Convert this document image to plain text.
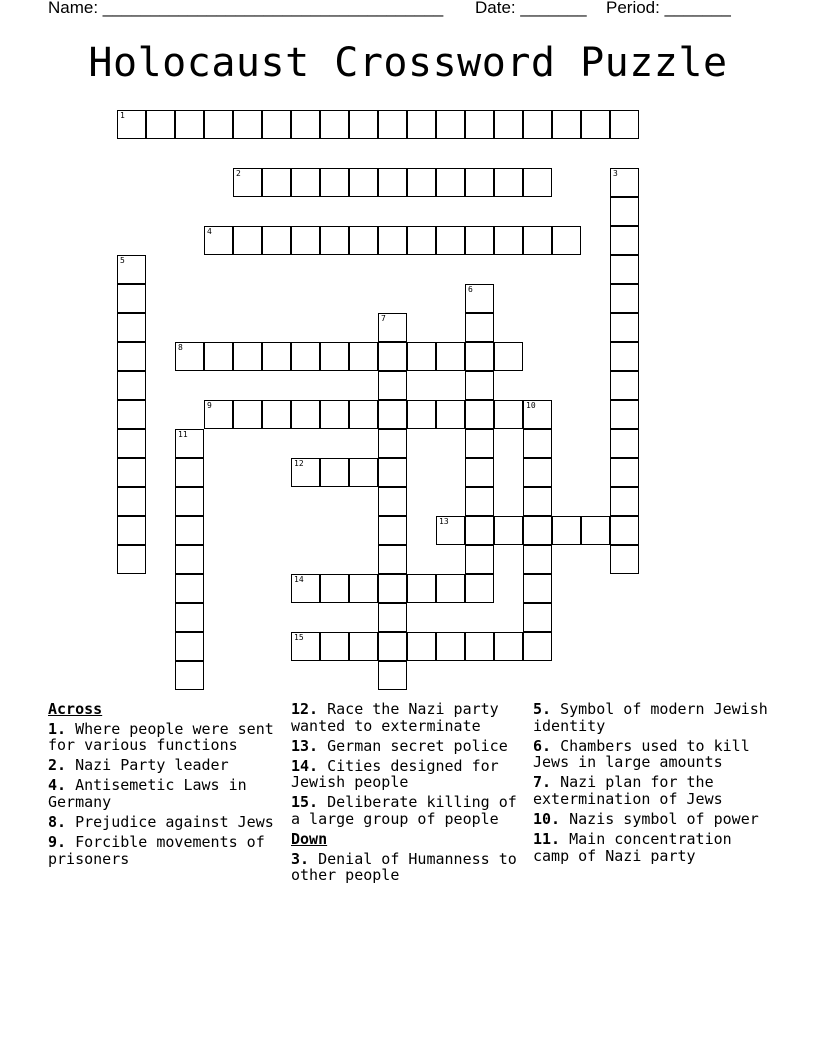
Name: ____________________________________

Date: _______

Period: _______

Holocaust Crossword Puzzle
1
2	3
4
5
6
7
8
9	10
11
12
13
14
15
Across
1. Where people were sent for various functions
2. Nazi Party leader
4. Antisemetic Laws in Germany
8. Prejudice against Jews
9. Forcible movements of prisoners
12. Race the Nazi party wanted to exterminate
13. German secret police
14. Cities designed for Jewish people
15. Deliberate killing of a large group of people
Down
3. Denial of Humanness to other people
5. Symbol of modern Jewish identity
6. Chambers used to kill Jews in large amounts
7. Nazi plan for the extermination of Jews
10. Nazis symbol of power
11. Main concentration camp of Nazi party
